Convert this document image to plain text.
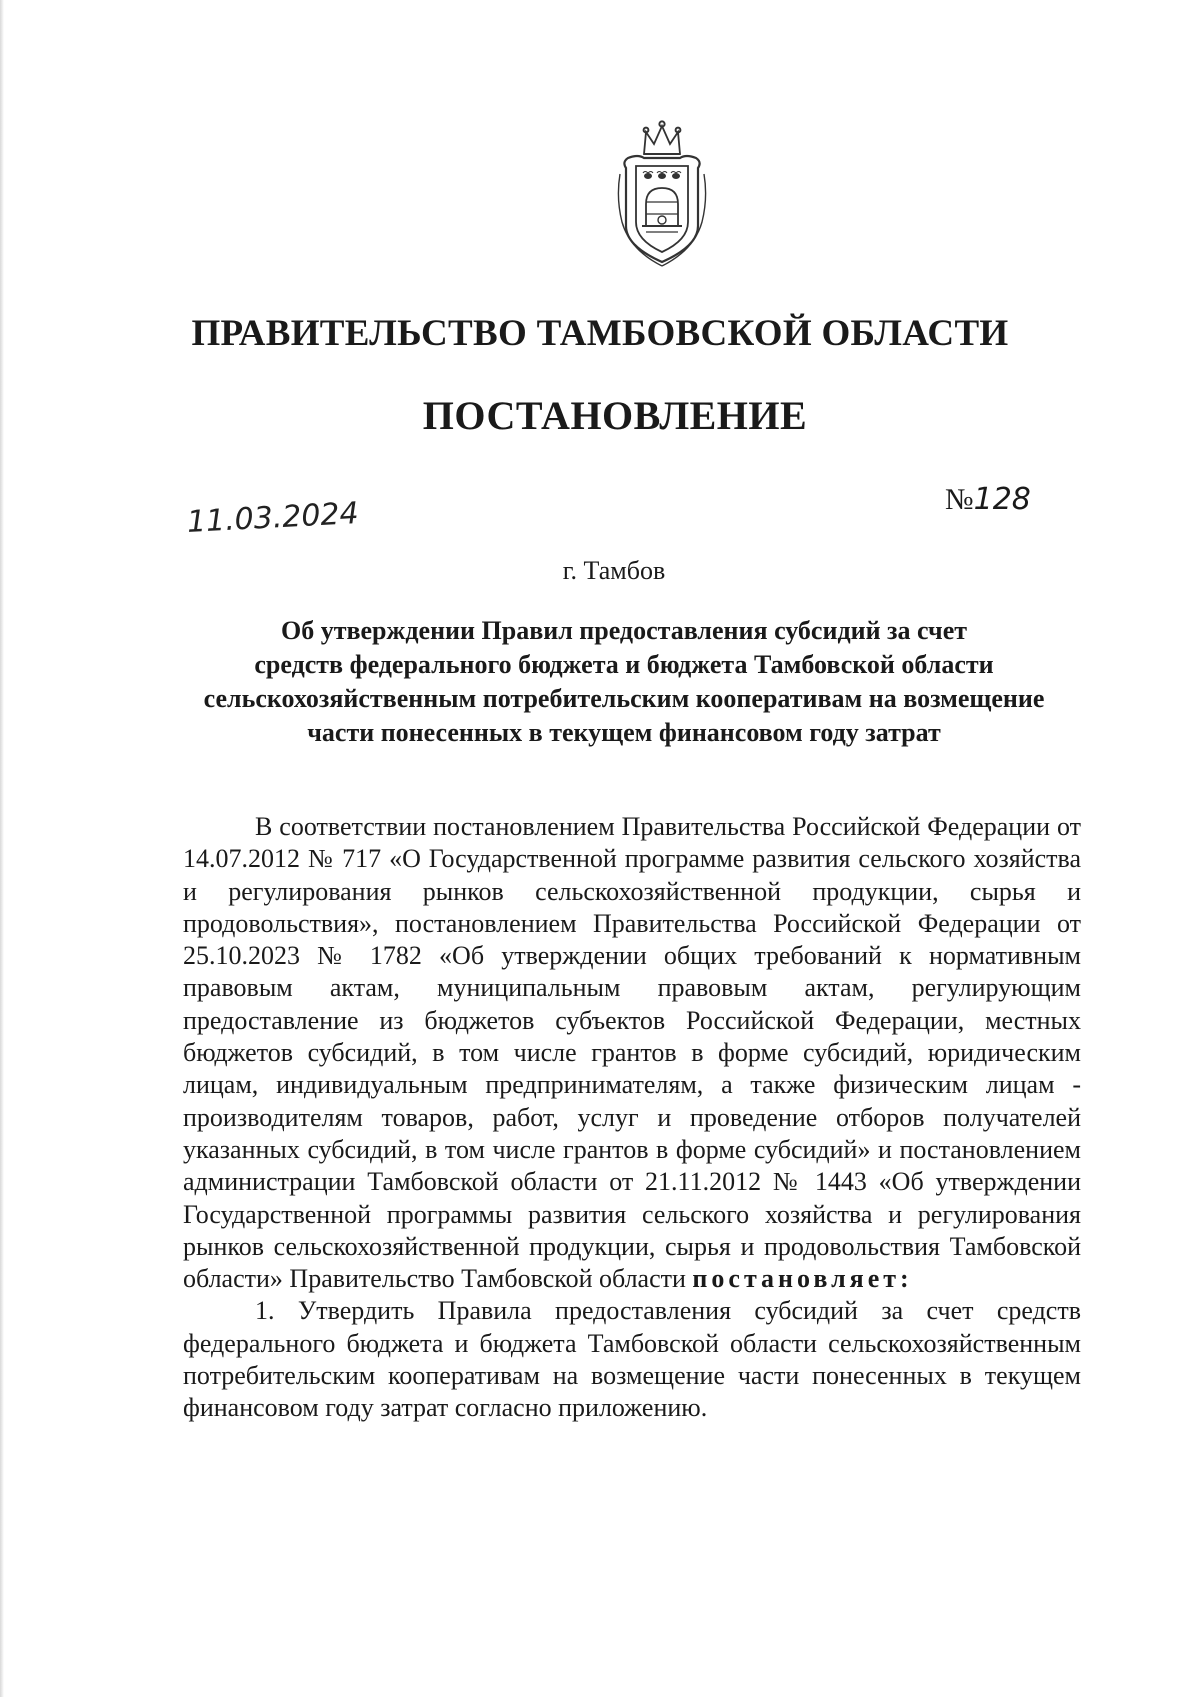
ПРАВИТЕЛЬСТВО ТАМБОВСКОЙ ОБЛАСТИ
ПОСТАНОВЛЕНИЕ
11.03.2024	№128
г. Тамбов
Об утверждении Правил предоставления субсидий за счет
средств федерального бюджета и бюджета Тамбовской области
сельскохозяйственным потребительским кооперативам на возмещение
части понесенных в текущем финансовом году затрат

В соответствии постановлением Правительства Российской Федерации от 14.07.2012 № 717 «О Государственной программе развития сельского хозяйства и регулирования рынков сельскохозяйственной продукции, сырья и продовольствия», постановлением Правительства Российской Федерации от 25.10.2023 № 1782 «Об утверждении общих требований к нормативным правовым актам, муниципальным правовым актам, регулирующим предоставление из бюджетов субъектов Российской Федерации, местных бюджетов субсидий, в том числе грантов в форме субсидий, юридическим лицам, индивидуальным предпринимателям, а также физическим лицам - производителям товаров, работ, услуг и проведение отборов получателей указанных субсидий, в том числе грантов в форме субсидий» и постановлением администрации Тамбовской области от 21.11.2012 № 1443 «Об утверждении Государственной программы развития сельского хозяйства и регулирования рынков сельскохозяйственной продукции, сырья и продовольствия Тамбовской области» Правительство Тамбовской области постановляет:

1. Утвердить Правила предоставления субсидий за счет средств федерального бюджета и бюджета Тамбовской области сельскохозяйственным потребительским кооперативам на возмещение части понесенных в текущем финансовом году затрат согласно приложению.
